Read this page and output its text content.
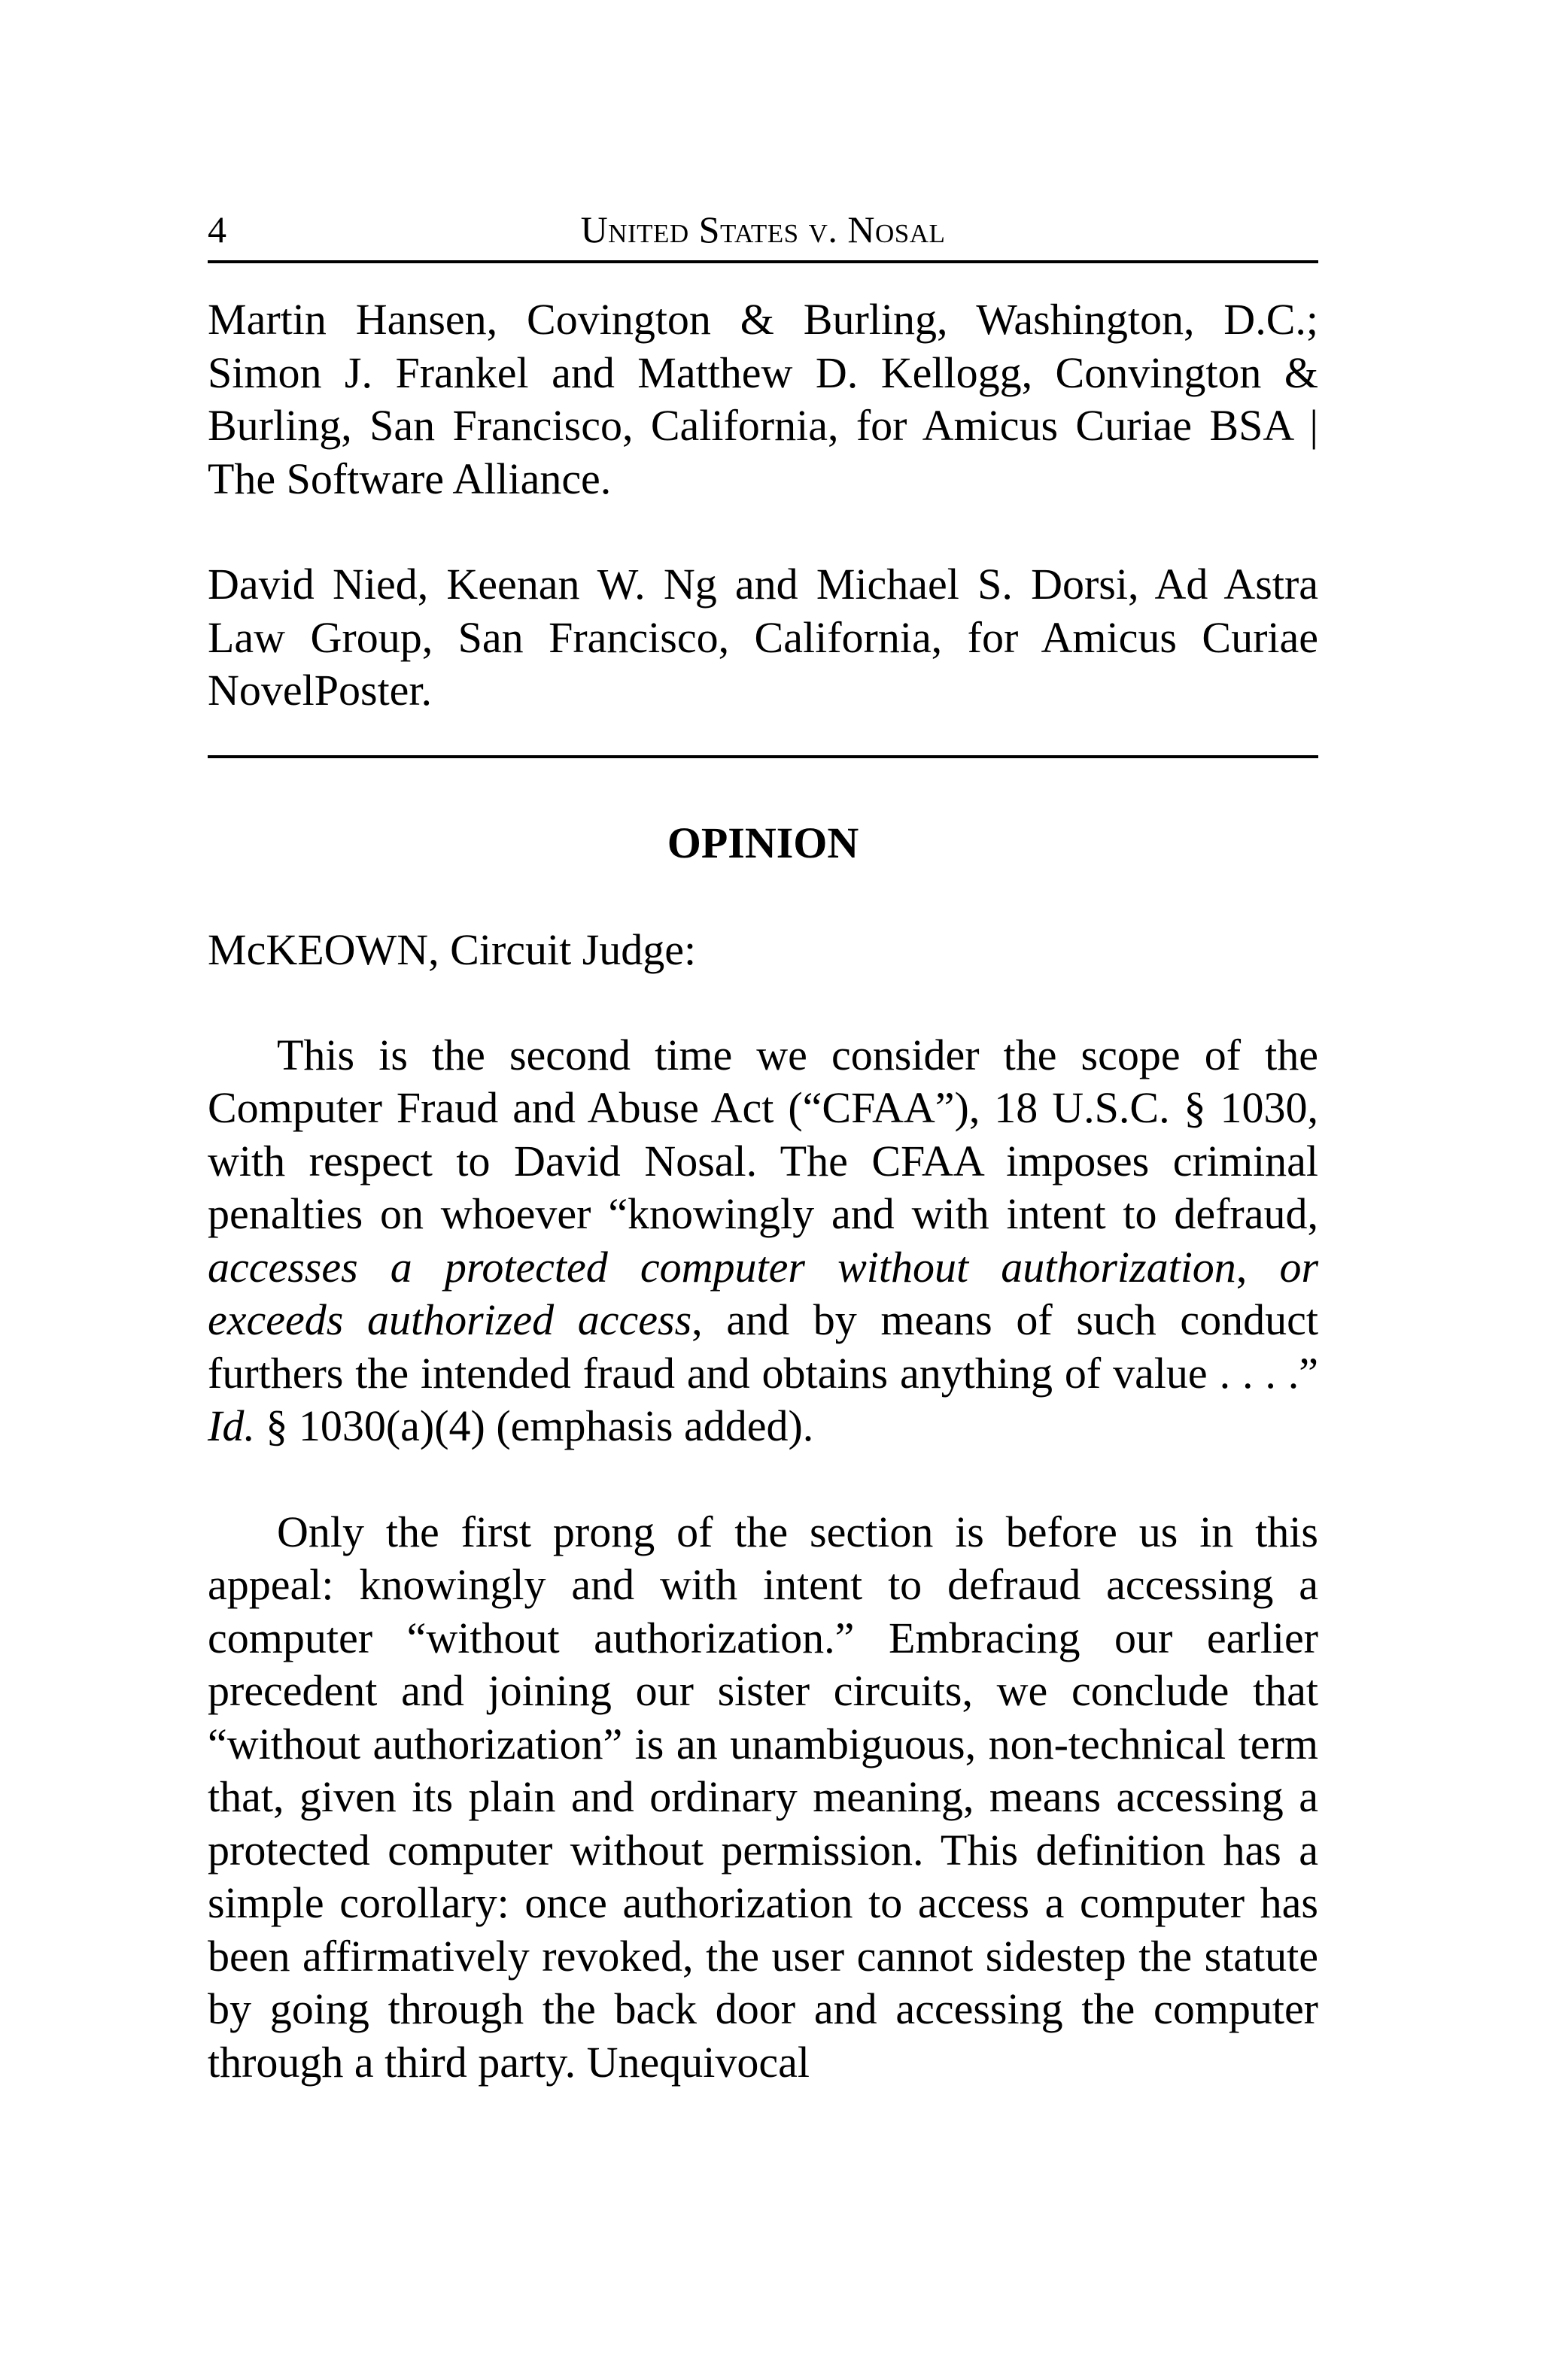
4	United States v. Nosal

Martin Hansen, Covington & Burling, Washington, D.C.; Simon J. Frankel and Matthew D. Kellogg, Convington & Burling, San Francisco, California, for Amicus Curiae BSA | The Software Alliance.

David Nied, Keenan W. Ng and Michael S. Dorsi, Ad Astra Law Group, San Francisco, California, for Amicus Curiae NovelPoster.

OPINION
McKEOWN, Circuit Judge:

This is the second time we consider the scope of the Computer Fraud and Abuse Act (“CFAA”), 18 U.S.C. § 1030, with respect to David Nosal. The CFAA imposes criminal penalties on whoever “knowingly and with intent to defraud, accesses a protected computer without authorization, or exceeds authorized access, and by means of such conduct furthers the intended fraud and obtains anything of value . . . .” Id. § 1030(a)(4) (emphasis added).

Only the first prong of the section is before us in this appeal: knowingly and with intent to defraud accessing a computer “without authorization.” Embracing our earlier precedent and joining our sister circuits, we conclude that “without authorization” is an unambiguous, non-technical term that, given its plain and ordinary meaning, means accessing a protected computer without permission. This definition has a simple corollary: once authorization to access a computer has been affirmatively revoked, the user cannot sidestep the statute by going through the back door and accessing the computer through a third party. Unequivocal
